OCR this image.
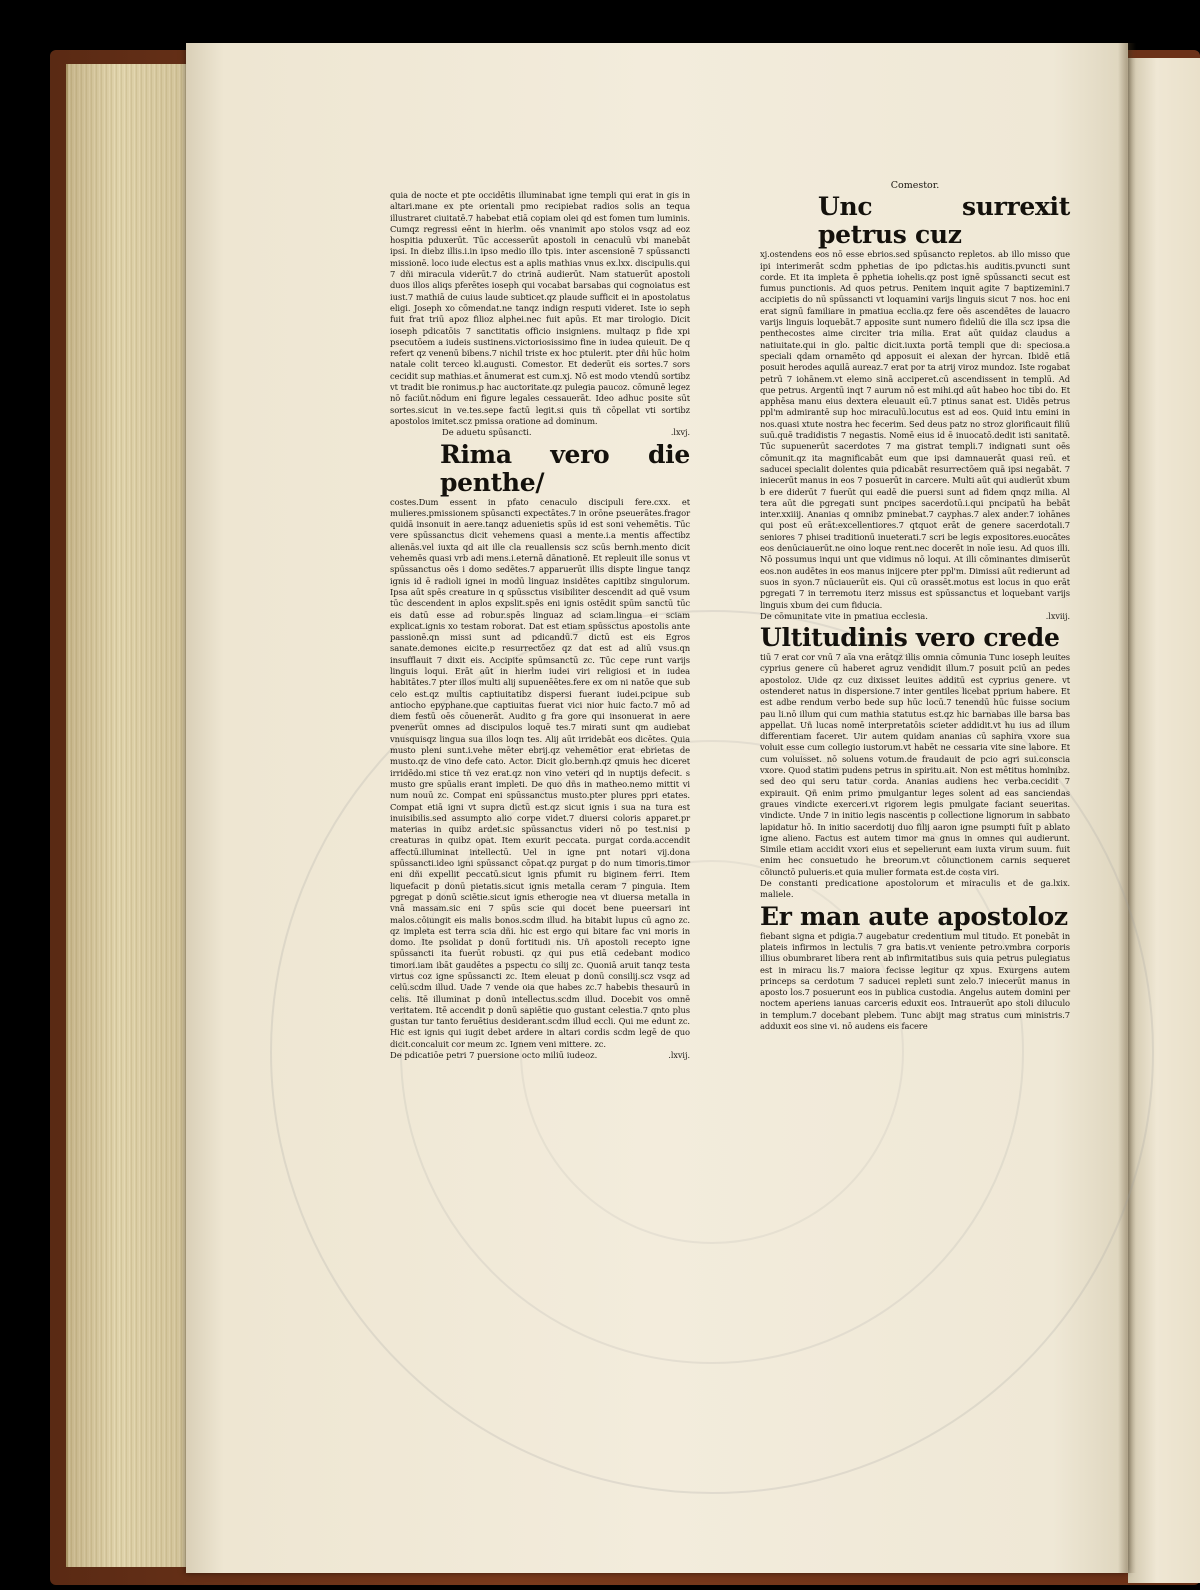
quia de nocte et pte occidētis illuminabat igne templi qui erat in gis in altari.mane ex pte orientali pmo recipiebat radios solis an tequa illustraret ciuitatē.7 habebat etiā copiam olei qd est fomen tum luminis. Cumqz regressi eēnt in hierlm. oēs vnanimit apo stolos vsqz ad eoz hospitia pduxerūt. Tūc accesserūt apostoli in cenaculū vbi manebāt ipsi. In diebz illis.i.in ipso medio illo tpis. inter ascensionē 7 spūssancti missionē. loco iude electus est a aplis mathias vnus ex.lxx. discipulis.qui 7 dñi miracula viderūt.7 do ctrinā audierūt. Nam statuerūt apostoli duos illos aliqs pferētes ioseph qui vocabat barsabas qui cognoiatus est iust.7 mathiā de cuius laude subticet.qz plaude sufficit ei in apostolatus eligi. Joseph xo cōmendat.ne tanqz indign resputi videret. Iste io seph fuit frat triū apoz filioz alphei.nec fuit apūs. Et mar tirologio. Dicit ioseph pdicatōis 7 sanctitatis officio insigniens. multaqz p fide xpi psecutōem a iudeis sustinens.victoriosissimo fine in iudea quieuit. De q refert qz venenū bibens.7 nichil triste ex hoc ptulerit. pter dñi hūc hoim natale colit terceo kl.augusti. Comestor. Et dederūt eis sortes.7 sors cecidit sup mathias.et ānumerat est cum.xj. Nō est modo vtendū sortibz vt tradit bie ronimus.p hac auctoritate.qz pulegia paucoz. cōmunē legez nō faciūt.nōdum eni figure legales cessauerāt. Ideo adhuc posite sūt sortes.sicut in ve.tes.sepe factū legit.si quis tñ cōpellat vti sortibz apostolos imitet.scz pmissa oratione ad dominum.

De aduetu spūsancti.	.lxvj.
Rima vero die penthe/

costes.Dum essent in pfato cenaculo discipuli fere.cxx. et mulieres.pmissionem spūsancti expectātes.7 in orōne pseuerātes.fragor quidā insonuit in aere.tanqz aduenietis spūs id est soni vehemētis. Tūc vere spūssanctus dicit vehemens quasi a mente.i.a mentis affectibz alienās.vel iuxta qd ait ille cla reuallensis scz scūs bernh.mento dicit vehemēs quasi vrb adi mens.i.eternā dānationē. Et repleuit ille sonus vt spūssanctus oēs i domo sedētes.7 apparuerūt illis dispte lingue tanqz ignis id ē radioli ignei in modū linguaz insidētes capitibz singulorum. Ipsa aūt spēs creature in q spūssctus visibiliter descendit ad quē vsum tūc descendent in aplos expslit.spēs eni ignis ostēdit spūm sanctū tūc eis datū esse ad robur.spēs linguaz ad sciam.lingua ei sciam explicat.ignis xo testam roborat. Dat est etiam spūssctus apostolis ante passionē.qn missi sunt ad pdicandū.7 dictū est eis Egros sanate.demones eicite.p resurrectōez qz dat est ad aliū vsus.qn insufflauit 7 dixit eis. Accipite spūmsanctū zc. Tūc cepe runt varijs linguis loqui. Erāt aūt in hierlm iudei viri religiosi et in iudea habitātes.7 pter illos multi alij supuenēētes.fere ex om ni natōe que sub celo est.qz multis captiuitatibz dispersi fuerant iudei.pcipue sub antiocho epyphane.que captiuitas fuerat vici nior huic facto.7 mō ad diem festū oēs cōuenerāt. Audito g fra gore qui insonuerat in aere pvenerūt omnes ad discipulos loquē tes.7 mirati sunt qm audiebat vnusquisqz lingua sua illos loqn tes. Alij aūt irridebāt eos dicētes. Quia musto pleni sunt.i.vehe mēter ebrij.qz vehemētior erat ebrietas de musto.qz de vino defe cato. Actor. Dicit glo.bernh.qz qmuis hec diceret irridēdo.mi stice tñ vez erat.qz non vino veteri qd in nuptijs defecit. s musto gre spūalis erant impleti. De quo dñs in matheo.nemo mittit vi num nouū zc. Compat eni spūssanctus musto.pter plures ppri etates. Compat etiā igni vt supra dictū est.qz sicut ignis i sua na tura est inuisibilis.sed assumpto alio corpe videt.7 diuersi coloris apparet.pr materias in quibz ardet.sic spūssanctus videri nō po test.nisi p creaturas in quibz opat. Item exurit peccata. purgat corda.accendit affectū.illuminat intellectū. Uel in igne pnt notari vij.dona spūssancti.ideo igni spūssanct cōpat.qz purgat p do num timoris.timor eni dñi expellit peccatū.sicut ignis pfumit ru biginem ferri. Item liquefacit p donū pietatis.sicut ignis metalla ceram 7 pinguia. Item pgregat p donū sciētie.sicut ignis etherogie nea vt diuersa metalla in vnā massam.sic eni 7 spūs scie qui docet bene pueersari int malos.cōiungit eis malis bonos.scdm illud. ha bitabit lupus cū agno zc. qz impleta est terra scia dñi. hic est ergo qui bitare fac vni moris in domo. Ite psolidat p donū fortitudi nis. Uñ apostoli recepto igne spūssancti ita fuerūt robusti. qz qui pus etiā cedebant modico timori.iam ibāt gaudētes a pspectu co silij zc. Quoniā aruit tanqz testa virtus coz igne spūssancti zc. Item eleuat p donū consilij.scz vsqz ad celū.scdm illud. Uade 7 vende oia que habes zc.7 habebis thesaurū in celis. Itē illuminat p donū intellectus.scdm illud. Docebit vos omnē veritatem. Itē accendit p donū sapiētie quo gustant celestia.7 qnto plus gustan tur tanto feruētius desiderant.scdm illud eccli. Qui me edunt zc. Hic est ignis qui iugit debet ardere in altari cordis scdm legē de quo dicit.concaluit cor meum zc. Ignem veni mittere. zc.

De pdicatiōe petri 7 puersione octo miliū iudeoz.	.lxvij.

Comestor.

Unc surrexit petrus cuz

xj.ostendens eos nō esse ebrios.sed spūsancto repletos. ab illo misso que ipi interimerāt scdm pphetias de ipo pdictas.his auditis.pvuncti sunt corde. Et ita impleta ē pphetia iohelis.qz post ignē spūssancti secut est fumus punctionis. Ad quos petrus. Penitem inquit agite 7 baptizemini.7 accipietis do nū spūssancti vt loquamini varijs linguis sicut 7 nos. hoc eni erat signū familiare in pmatiua ecclia.qz fere oēs ascendētes de lauacro varijs linguis loquebāt.7 apposite sunt numero fideliū die illa scz ipsa die penthecostes aime circiter tria milia. Erat aūt quidaz claudus a natiuitate.qui in glo. paltic dicit.iuxta portā templi que di: speciosa.a speciali qdam ornamēto qd apposuit ei alexan der hyrcan. Ibidē etiā posuit herodes aquilā aureaz.7 erat por ta atrij viroz mundoz. Iste rogabat petrū 7 iohānem.vt elemo sinā acciperet.cū ascendissent in templū. Ad que petrus. Argentū inqt 7 aurum nō est mihi.qd aūt habeo hoc tibi do. Et apphēsa manu eius dextera eleuauit eū.7 ptinus sanat est. Uidēs petrus ppl'm admirantē sup hoc miraculū.locutus est ad eos. Quid intu emini in nos.quasi xtute nostra hec fecerim. Sed deus patz no stroz glorificauit filiū suū.quē tradidistis 7 negastis. Nomē eius id ē inuocatō.dedit isti sanitatē. Tūc supuenerūt sacerdotes 7 ma gistrat templi.7 indignati sunt oēs cōmunit.qz ita magnificabāt eum que ipsi damnauerāt quasi reū. et saducei specialit dolentes quia pdicabāt resurrectōem quā ipsi negabāt. 7 iniecerūt manus in eos 7 posuerūt in carcere. Multi aūt qui audierūt xbum b ere diderūt 7 fuerūt qui eadē die puersi sunt ad fidem qnqz milia. Al tera aūt die pgregati sunt pncipes sacerdotū.i.qui pncipatū ha bebāt inter.xxiiij. Ananias q omnibz pminebat.7 cayphas.7 alex ander.7 iohānes qui post eū erāt:excellentiores.7 qtquot erāt de genere sacerdotali.7 seniores 7 phisei traditionū inueterati.7 scri be legis expositores.euocātes eos denūciauerūt.ne oino loque rent.nec docerēt in noīe iesu. Ad quos illi. Nō possumus inqui unt que vidimus nō loqui. At illi cōminantes dimiserūt eos.non audētes in eos manus inijcere pter ppl'm. Dimissi aūt redierunt ad suos in syon.7 nūciauerūt eis. Qui cū orassēt.motus est locus in quo erāt pgregati 7 in terremotu iterz missus est spūssanctus et loquebant varijs linguis xbum dei cum fiducia.

De cōmunitate vite in pmatiua ecclesia.	.lxviij.
Ultitudinis vero crede

tiū 7 erat cor vnū 7 aīa vna erātqz illis omnia cōmunia Tunc ioseph leuites cyprius genere cū haberet agruz vendidit illum.7 posuit pciū an pedes apostoloz. Uide qz cuz dixisset leuites additū est cyprius genere. vt ostenderet natus in dispersione.7 inter gentiles licebat pprium habere. Et est adbe rendum verbo bede sup hūc locū.7 tenendū hūc fuisse socium pau li.nō illum qui cum mathia statutus est.qz hic barnabas ille barsa bas appellat. Uñ lucas nomē interpretatōis scieter addidit.vt hu ius ad illum differentiam faceret. Uir autem quidam ananias cū saphira vxore sua voluit esse cum collegio iustorum.vt habēt ne cessaria vite sine labore. Et cum voluisset. nō soluens votum.de fraudauit de pcio agri sui.conscia vxore. Quod statim pudens petrus in spiritu.ait. Non est mētitus hominibz. sed deo qui seru tatur corda. Ananias audiens hec verba.cecidit 7 expirauit. Qñ enim primo pmulgantur leges solent ad eas sanciendas graues vindicte exerceri.vt rigorem legis pmulgate faciant seueritas. vindicte. Unde 7 in initio legis nascentis p collectione lignorum in sabbato lapidatur hō. In initio sacerdotij duo filij aaron igne psumpti fuīt p ablato igne alieno. Factus est autem timor ma gnus in omnes qui audierunt. Simile etiam accidit vxori eius et sepelierunt eam iuxta virum suum. fuit enim hec consuetudo he breorum.vt cōiunctionem carnis sequeret cōiunctō pulueris.et quia mulier formata est.de costa viri.

De constanti predicatione apostolorum et miraculis et de ga maliele.
.lxix.
Er man aute apostoloz

fiebant signa et pdigia.7 augebatur credentium mul titudo. Et ponebāt in plateis infirmos in lectulis 7 gra batis.vt veniente petro.vmbra corporis illius obumbraret libera rent ab infirmitatibus suis quia petrus pulegiatus est in miracu lis.7 maiora fecisse legitur qz xpus. Exurgens autem princeps sa cerdotum 7 saducei repleti sunt zelo.7 iniecerūt manus in aposto los.7 posuerunt eos in publica custodia. Angelus autem domini per noctem aperiens ianuas carceris eduxit eos. Intrauerūt apo stoli diluculo in templum.7 docebant plebem. Tunc abijt mag stratus cum ministris.7 adduxit eos sine vi. nō audens eis facere
